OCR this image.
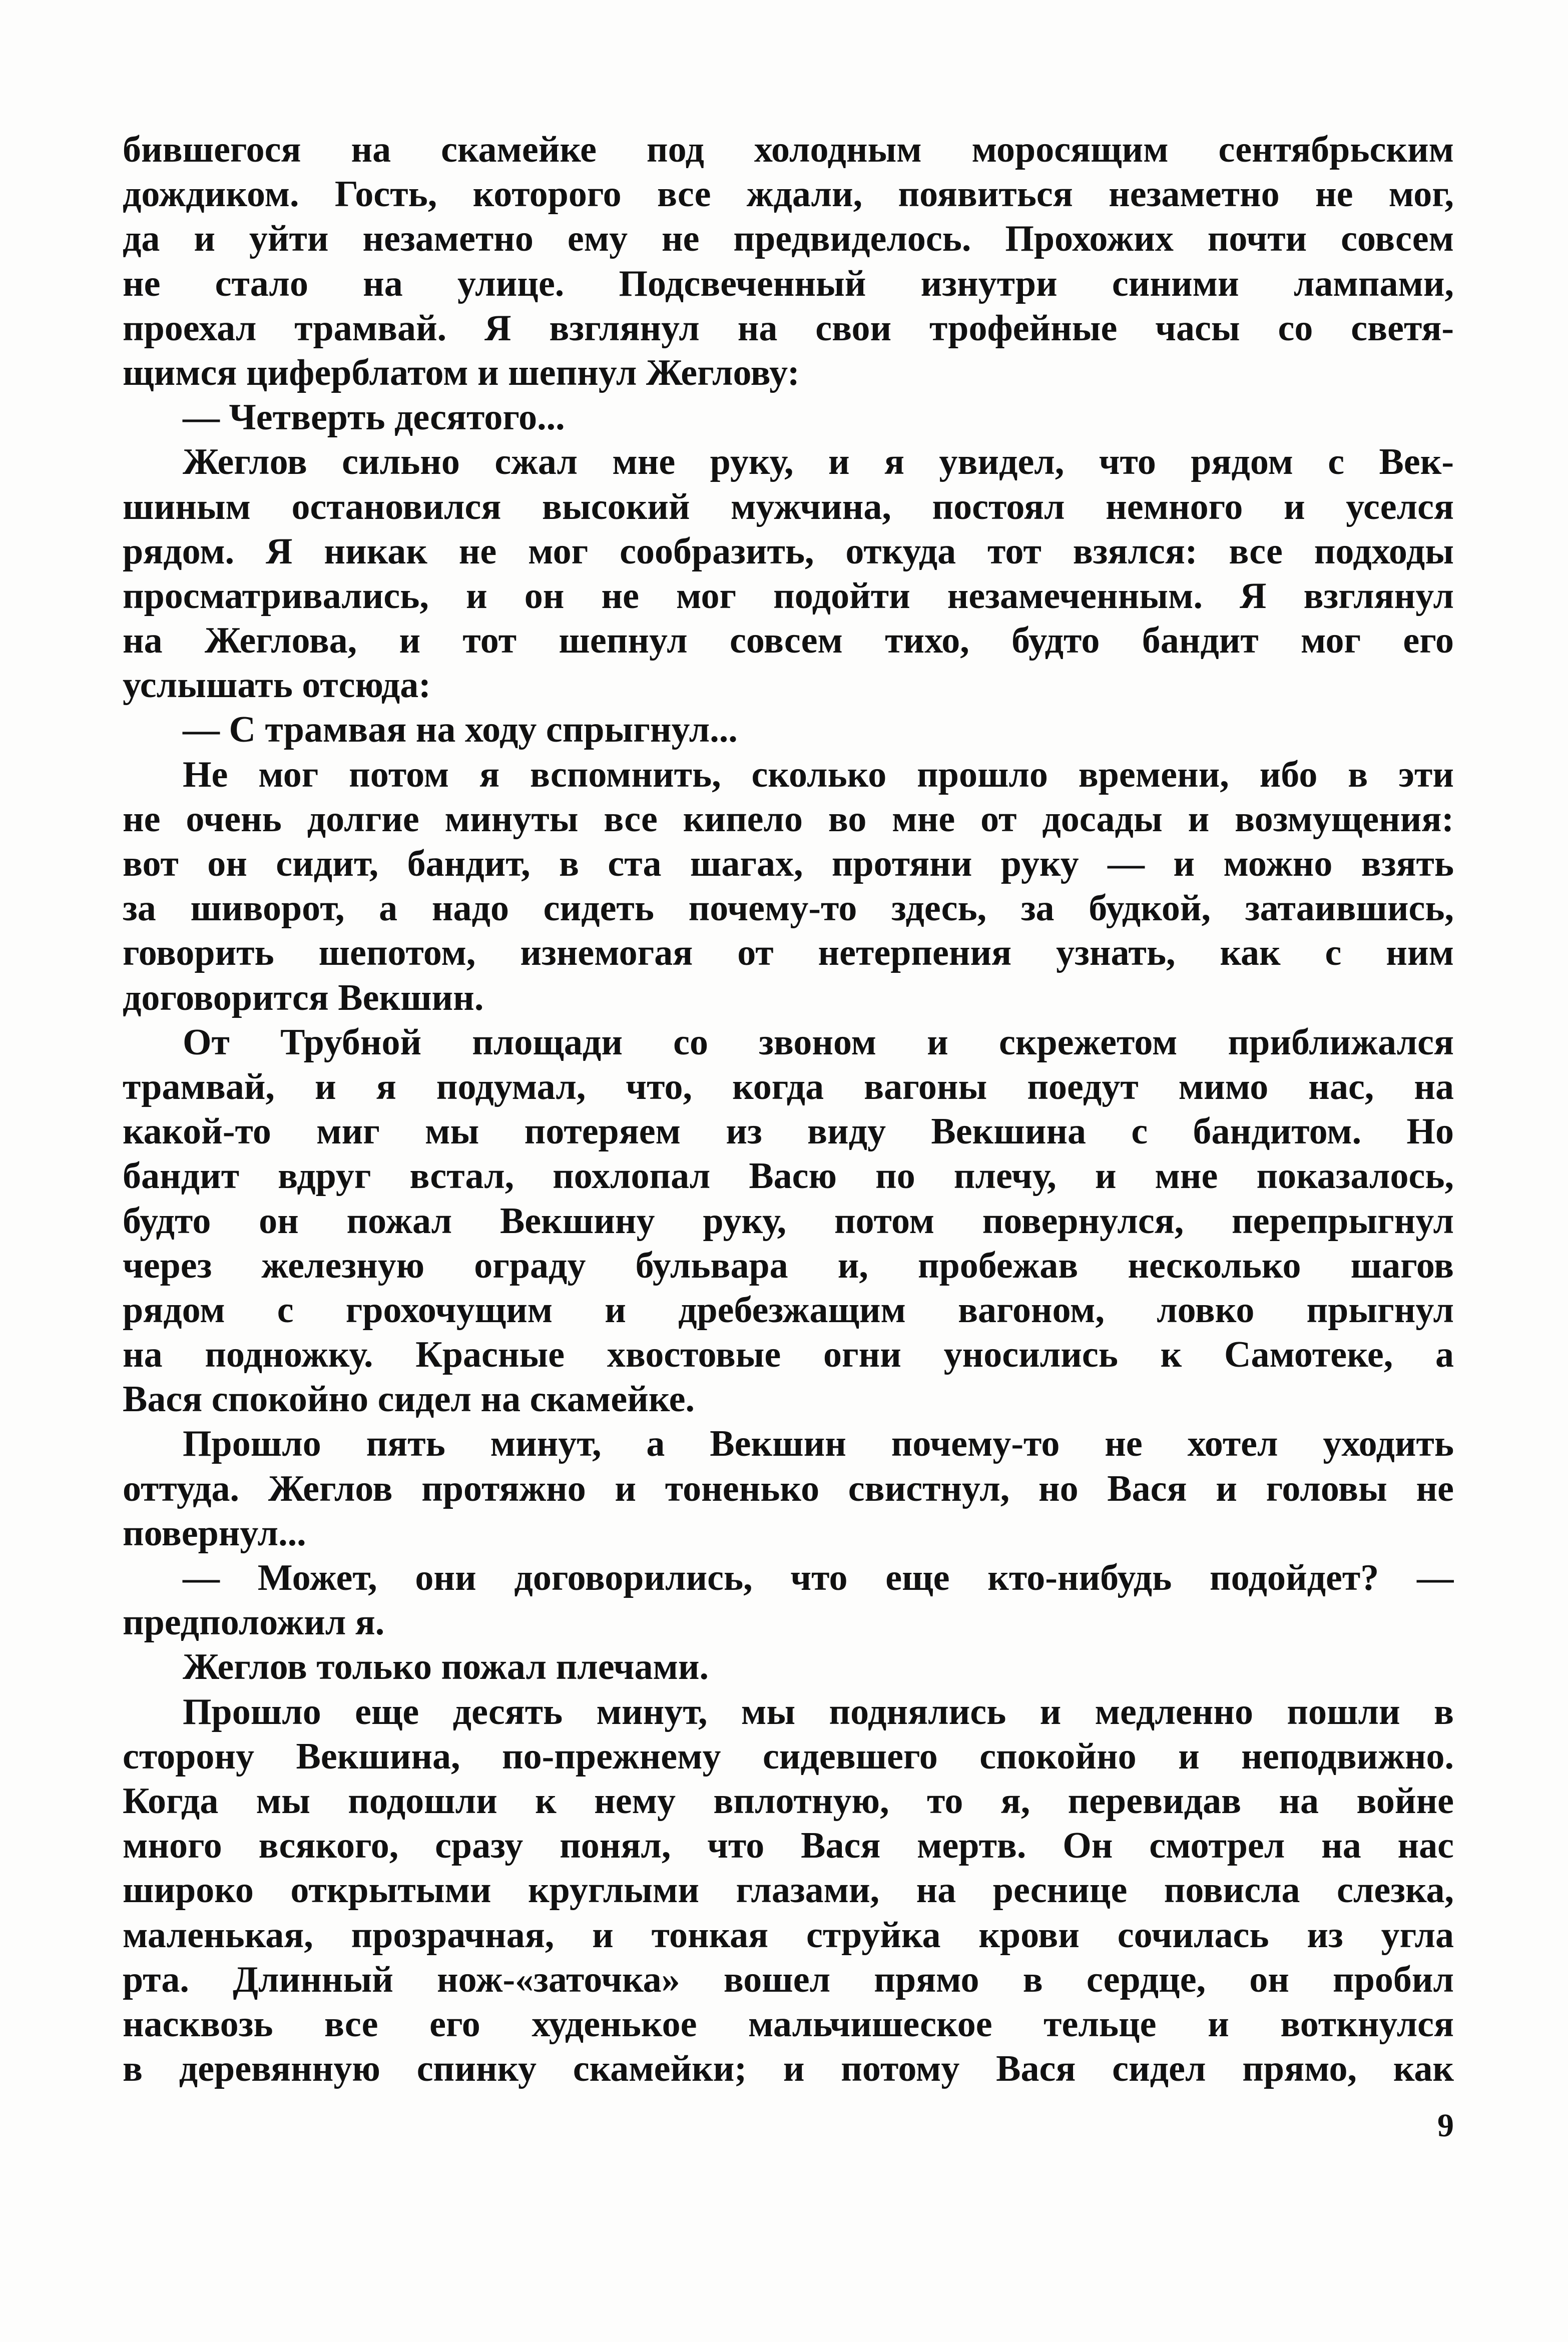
бившегося на скамейке под холодным моросящим сентябрьским
дождиком. Гость, которого все ждали, появиться незаметно не мог,
да и уйти незаметно ему не предвиделось. Прохожих почти совсем
не стало на улице. Подсвеченный изнутри синими лампами,
проехал трамвай. Я взглянул на свои трофейные часы со светя-
щимся циферблатом и шепнул Жеглову:
— Четверть десятого...
Жеглов сильно сжал мне руку, и я увидел, что рядом с Век-
шиным остановился высокий мужчина, постоял немного и уселся
рядом. Я никак не мог сообразить, откуда тот взялся: все подходы
просматривались, и он не мог подойти незамеченным. Я взглянул
на Жеглова, и тот шепнул совсем тихо, будто бандит мог его
услышать отсюда:
— С трамвая на ходу спрыгнул...
Не мог потом я вспомнить, сколько прошло времени, ибо в эти
не очень долгие минуты все кипело во мне от досады и возмущения:
вот он сидит, бандит, в ста шагах, протяни руку — и можно взять
за шиворот, а надо сидеть почему-то здесь, за будкой, затаившись,
говорить шепотом, изнемогая от нетерпения узнать, как с ним
договорится Векшин.
От Трубной площади со звоном и скрежетом приближался
трамвай, и я подумал, что, когда вагоны поедут мимо нас, на
какой-то миг мы потеряем из виду Векшина с бандитом. Но
бандит вдруг встал, похлопал Васю по плечу, и мне показалось,
будто он пожал Векшину руку, потом повернулся, перепрыгнул
через железную ограду бульвара и, пробежав несколько шагов
рядом с грохочущим и дребезжащим вагоном, ловко прыгнул
на подножку. Красные хвостовые огни уносились к Самотеке, а
Вася спокойно сидел на скамейке.
Прошло пять минут, а Векшин почему-то не хотел уходить
оттуда. Жеглов протяжно и тоненько свистнул, но Вася и головы не
повернул...
— Может, они договорились, что еще кто-нибудь подойдет? —
предположил я.
Жеглов только пожал плечами.
Прошло еще десять минут, мы поднялись и медленно пошли в
сторону Векшина, по-прежнему сидевшего спокойно и неподвижно.
Когда мы подошли к нему вплотную, то я, перевидав на войне
много всякого, сразу понял, что Вася мертв. Он смотрел на нас
широко открытыми круглыми глазами, на реснице повисла слезка,
маленькая, прозрачная, и тонкая струйка крови сочилась из угла
рта. Длинный нож-«заточка» вошел прямо в сердце, он пробил
насквозь все его худенькое мальчишеское тельце и воткнулся
в деревянную спинку скамейки; и потому Вася сидел прямо, как
9
